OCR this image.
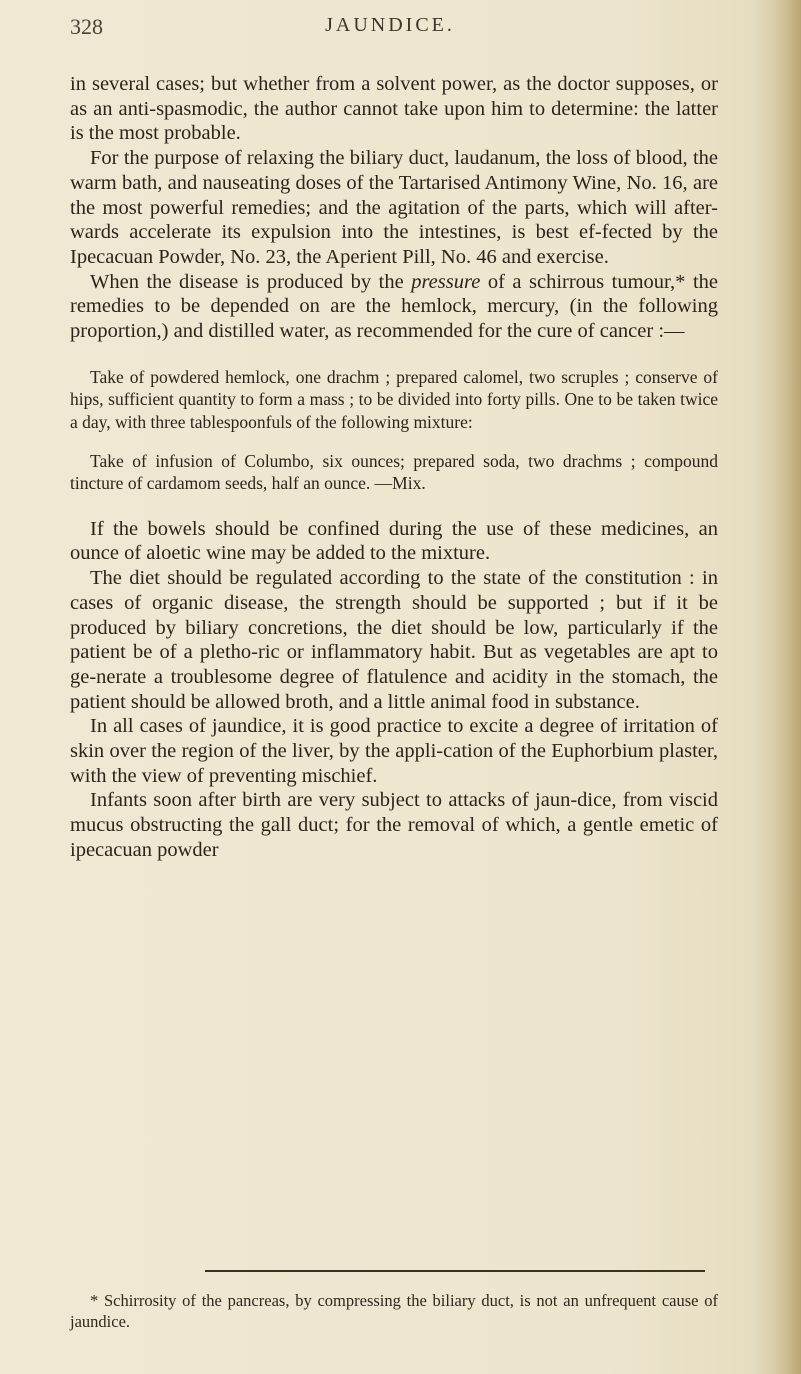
328	JAUNDICE.

in several cases; but whether from a solvent power, as the doctor supposes, or as an anti-spasmodic, the author cannot take upon him to determine: the latter is the most probable.

For the purpose of relaxing the biliary duct, laudanum, the loss of blood, the warm bath, and nauseating doses of the Tartarised Antimony Wine, No. 16, are the most powerful remedies; and the agitation of the parts, which will after-wards accelerate its expulsion into the intestines, is best ef-fected by the Ipecacuan Powder, No. 23, the Aperient Pill, No. 46 and exercise.

When the disease is produced by the pressure of a schirrous tumour,* the remedies to be depended on are the hemlock, mercury, (in the following proportion,) and distilled water, as recommended for the cure of cancer :—

Take of powdered hemlock, one drachm ; prepared calomel, two scruples ; conserve of hips, sufficient quantity to form a mass ; to be divided into forty pills. One to be taken twice a day, with three tablespoonfuls of the following mixture:

Take of infusion of Columbo, six ounces; prepared soda, two drachms ; compound tincture of cardamom seeds, half an ounce. —Mix.

If the bowels should be confined during the use of these medicines, an ounce of aloetic wine may be added to the mixture.

The diet should be regulated according to the state of the constitution : in cases of organic disease, the strength should be supported ; but if it be produced by biliary concretions, the diet should be low, particularly if the patient be of a pletho-ric or inflammatory habit. But as vegetables are apt to ge-nerate a troublesome degree of flatulence and acidity in the stomach, the patient should be allowed broth, and a little animal food in substance.

In all cases of jaundice, it is good practice to excite a degree of irritation of skin over the region of the liver, by the appli-cation of the Euphorbium plaster, with the view of preventing mischief.

Infants soon after birth are very subject to attacks of jaun-dice, from viscid mucus obstructing the gall duct; for the removal of which, a gentle emetic of ipecacuan powder

* Schirrosity of the pancreas, by compressing the biliary duct, is not an unfrequent cause of jaundice.
